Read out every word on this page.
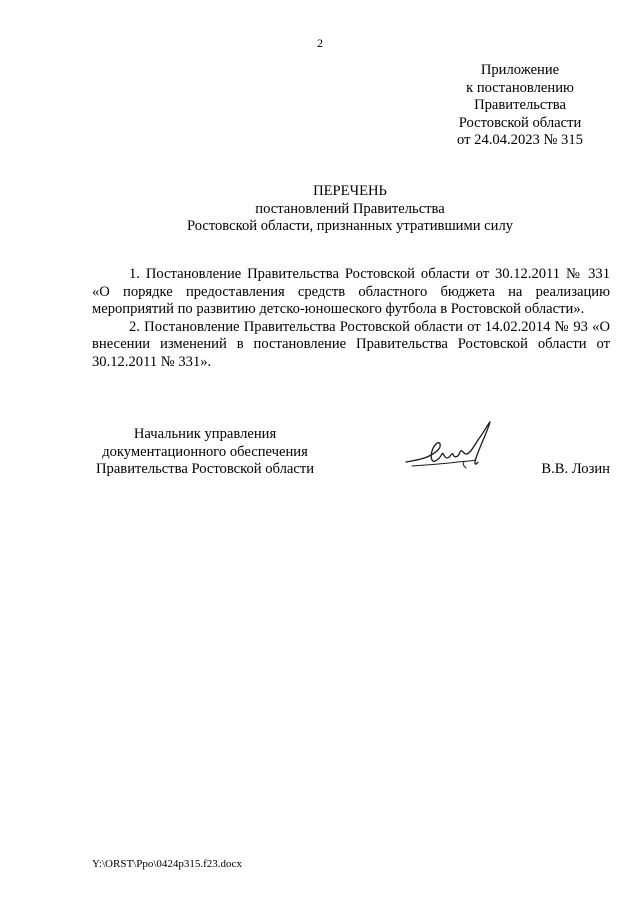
2
Приложение
к постановлению
Правительства
Ростовской области
от 24.04.2023 № 315
ПЕРЕЧЕНЬ
постановлений Правительства
Ростовской области, признанных утратившими силу

1. Постановление Правительства Ростовской области от 30.12.2011 № 331 «О порядке предоставления средств областного бюджета на реализацию мероприятий по развитию детско-юношеского футбола в Ростовской области».

2. Постановление Правительства Ростовской области от 14.02.2014 № 93 «О внесении изменений в постановление Правительства Ростовской области от 30.12.2011 № 331».

Начальник управления
документационного обеспечения
Правительства Ростовской области	В.В. Лозин
Y:\ORST\Ppo\0424p315.f23.docx
